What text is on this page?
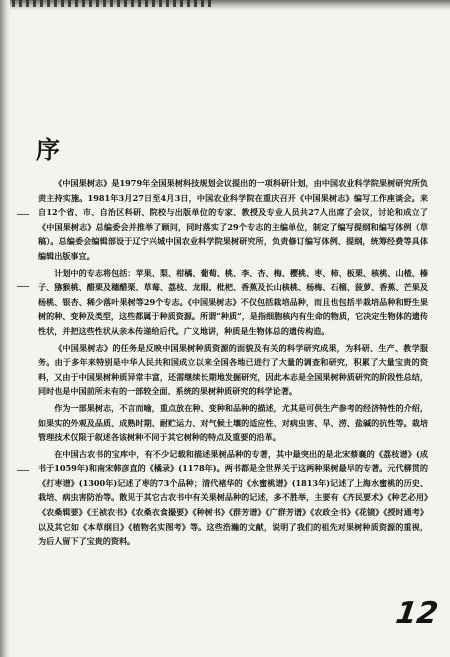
序

《中国果树志》是1979年全国果树科技规划会议提出的一项科研计划，由中国农业科学院果树研究所负责主持实施。1981年3月27日至4月3日，中国农业科学院在重庆召开《中国果树志》编写工作座谈会。来自12个省、市、自治区科研、院校与出版单位的专家、教授及专业人员共27人出席了会议，讨论和成立了《中国果树志》总编委会并推举了顾问，同时落实了29个专志的主编单位，制定了编写提纲和编写体例（草稿）。总编委会编辑部设于辽宁兴城中国农业科学院果树研究所，负责修订编写体例、提纲，统筹经费等具体编辑出版事宜。

计划中的专志将包括：苹果、梨、柑橘、葡萄、桃、李、杏、梅、樱桃、枣、柿、板栗、核桃、山楂、榛子、猕猴桃、醋栗及穗醋栗、草莓、荔枝、龙眼、枇杷、香蕉及长山核桃、杨梅、石榴、菠萝、香蕉、芒果及杨桃、银杏、稀少落叶果树等29个专志。《中国果树志》不仅包括栽培品种，而且也包括半栽培品种和野生果树的种、变种及类型，这些都属于种质资源。所谓“种质”，是指细胞核内有生命的物质，它决定生物体的遗传性状，并把这些性状从亲本传递给后代。广义地讲，种质是生物体总的遗传构造。

《中国果树志》的任务是反映中国果树种质资源的面貌及有关的科学研究成果，为科研、生产、教学服务。由于多年来特别是中华人民共和国成立以来全国各地已进行了大量的调查和研究，积累了大量宝贵的资料，又由于中国果树种质异常丰富，还需继续长期地发掘研究，因此本志是全国果树种质研究的阶段性总结，同时也是中国前所未有的一部较全面、系统的果树种质研究的科学论著。

作为一部果树志，不言而喻，重点放在种、变种和品种的描述，尤其是可供生产参考的经济特性的介绍，如果实的外观及品质、成熟时期、耐贮运力、对气候土壤的适应性、对病虫害、旱、涝、盐碱的抗性等。栽培管理技术仅限于叙述各该树种不同于其它树种的特点及重要的沿革。

在中国古农书的宝库中，有不少记载和描述果树品种的专著，其中最突出的是北宋蔡襄的《荔枝谱》(成书于1059年)和南宋韩彦直的《橘录》(1178年)。两书都是全世界关于这两种果树最早的专著。元代柳贯的《打枣谱》(1300年)记述了枣的73个品种；清代褚华的《水蜜桃谱》(1813年)记述了上海水蜜桃的历史、栽培、病虫害防治等。散见于其它古农书中有关果树品种的记述，多不胜举，主要有《齐民要术》《种艺必用》《农桑辑要》《王祯农书》《农桑衣食撮要》《种树书》《群芳谱》《广群芳谱》《农政全书》《花镜》《授时通考》以及其它如《本草纲目》《植物名实图考》等。这些浩瀚的文献，说明了我们的祖先对果树种质资源的重视，为后人留下了宝贵的资料。

12
